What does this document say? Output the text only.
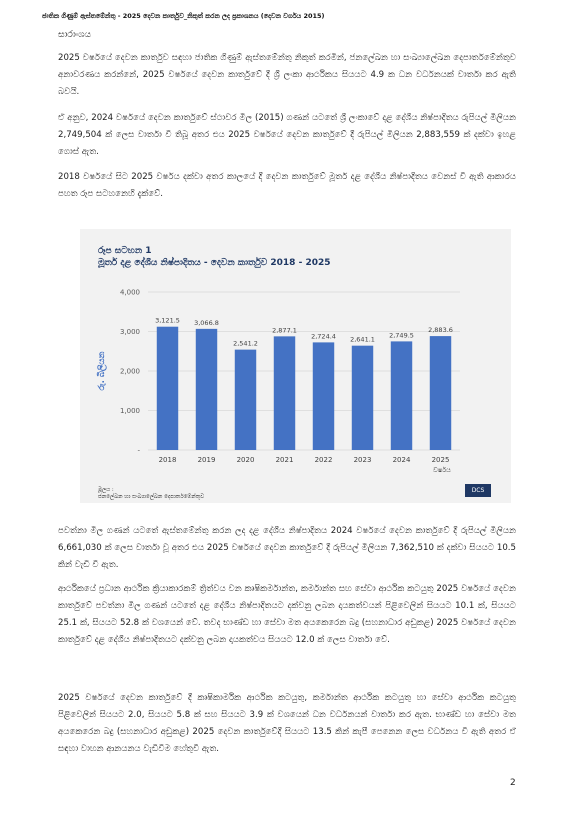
ජාතික ගිණුම් ඇස්තමේන්තු - 2025 දෙවන කාර්තුව_නිකුත් කරන ලද ප්‍රකාශනය (දෙවන වර්ගය 2015)
සාරාංශය

2025 වර්ෂයේ දෙවන කාර්තුව සඳහා ජාතික ගිණුම් ඇස්තමේන්තු නිකුත් කරමින්, ජනලේඛන හා සංඛ්‍යාලේඛන දෙපාර්තමේන්තුව අනාවරණය කරන්නේ, 2025 වර්ෂයේ දෙවන කාර්තුවේ දී ශ්‍රී ලංකා ආර්ථිකය සියයට 4.9 ක ධන වර්ධනයක් වාර්තා කර ඇති බවයි.

ඒ අනුව, 2024 වර්ෂයේ දෙවන කාර්තුවේ ස්ථාවර මිල (2015) ගණන් යටතේ ශ්‍රී ලංකාවේ දළ දේශීය නිෂ්පාදිතය රුපියල් මිලියන 2,749,504 ක් ලෙස වාර්තා වී තිබූ අතර එය 2025 වර්ෂයේ දෙවන කාර්තුවේ දී රුපියල් මිලියන 2,883,559 ක් දක්වා ඉහළ ගොස් ඇත.

2018 වර්ෂයේ සිට 2025 වර්ෂය දක්වා අතර කාලයේ දී දෙවන කාර්තුවේ මූර්ත දළ දේශීය නිෂ්පාදිතය වෙනස් වී ඇති ආකාරය පහත රූප සටහනෙහි දැක්වේ.

රූප සටහන 1
මූර්ත දළ දේශීය නිෂ්පාදිතය - දෙවන කාර්තුව 2018 - 2025
-
1,000
2,000
3,000
4,000
3,121.5
2018
3,066.8
2019
2,541.2
2020
2,877.1
2021
2,724.4
2022
2,641.1
2023
2,749.5
2024
2,883.6
2025
වර්ෂය
රු. බිලියන
මූලය :
ජනලේඛන හා සංඛ්‍යාලේඛන දෙපාර්තමේන්තුව
DCS

පවත්නා මිල ගණන් යටතේ ඇස්තමේන්තු කරන ලද දළ දේශීය නිෂ්පාදිතය 2024 වර්ෂයේ දෙවන කාර්තුවේ දී රුපියල් මිලියන 6,661,030 ක් ලෙස වාර්තා වූ අතර එය 2025 වර්ෂයේ දෙවන කාර්තුවේ දී රුපියල් මිලියන 7,362,510 ක් දක්වා සියයට 10.5 කින් වැඩි වී ඇත.

ආර්ථිකයේ ප්‍රධාන ආර්ථික ක්‍රියාකාරකම් ත්‍රිත්වය වන කෘෂිකර්මාන්ත, කර්මාන්ත සහ සේවා ආර්ථික කටයුතු 2025 වර්ෂයේ දෙවන කාර්තුවේ පවත්නා මිල ගණන් යටතේ දළ දේශීය නිෂ්පාදිතයට දක්වනු ලබන දායකත්වයන් පිළිවෙලින් සියයට 10.1 ක්, සියයට 25.1 ක්, සියයට 52.8 ක් වශයෙන් වේ. තවද භාණ්ඩ හා සේවා මත අයකෙරෙන බදු (සහනාධාර අඩුකළ) 2025 වර්ෂයේ දෙවන කාර්තුවේ දළ දේශීය නිෂ්පාදිතයට දක්වනු ලබන දායකත්වය සියයට 12.0 ක් ලෙස වාර්තා වේ.

2025 වර්ෂයේ දෙවන කාර්තුවේ දී කෘෂිකාර්මික ආර්ථික කටයුතු, කර්මාන්ත ආර්ථික කටයුතු හා සේවා ආර්ථික කටයුතු පිළිවෙලින් සියයට 2.0, සියයට 5.8 ක් සහ සියයට 3.9 ක් වශයෙන් ධන වර්ධනයන් වාර්තා කර ඇත. භාණ්ඩ හා සේවා මත අයකෙරෙන බදු (සහනාධාර අඩුකළ) 2025 දෙවන කාර්තුවේදී සියයට 13.5 කින් කැපී පෙනෙන ලෙස වර්ධනය වී ඇති අතර ඒ සඳහා වාහන ආනයනය වැඩිවීම හේතුවී ඇත.

2
